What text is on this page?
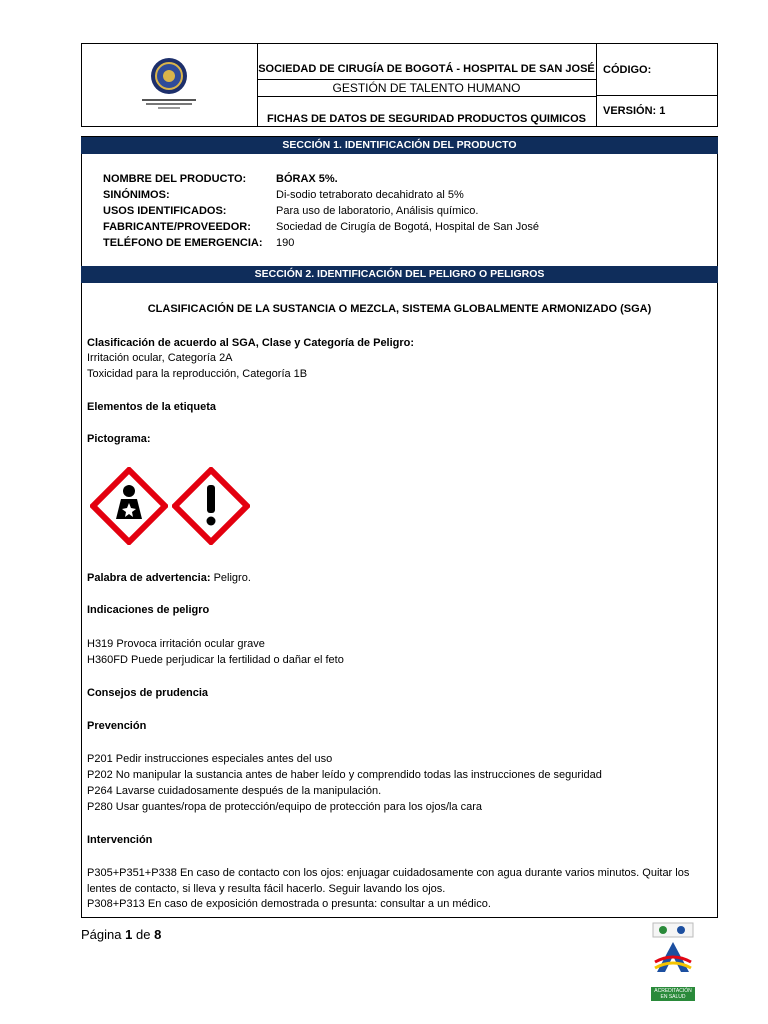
SOCIEDAD DE CIRUGÍA DE BOGOTÁ - HOSPITAL DE SAN JOSÉ
GESTIÓN DE TALENTO HUMANO
FICHAS DE DATOS DE SEGURIDAD PRODUCTOS QUIMICOS
CÓDIGO:
VERSIÓN: 1
SECCIÓN 1. IDENTIFICACIÓN DEL PRODUCTO
NOMBRE DEL PRODUCTO:	BÓRAX 5%.
SINÓNIMOS:	Di-sodio tetraborato decahidrato al 5%
USOS IDENTIFICADOS:	Para uso de laboratorio, Análisis químico.
FABRICANTE/PROVEEDOR: Sociedad de Cirugía de Bogotá, Hospital de San José
TELÉFONO DE EMERGENCIA: 190
SECCIÓN 2. IDENTIFICACIÓN DEL PELIGRO O PELIGROS
CLASIFICACIÓN DE LA SUSTANCIA O MEZCLA, SISTEMA GLOBALMENTE ARMONIZADO (SGA)
Clasificación de acuerdo al SGA, Clase y Categoría de Peligro:
Irritación ocular, Categoría 2A
Toxicidad para la reproducción, Categoría 1B
Elementos de la etiqueta
Pictograma:
Palabra de advertencia: Peligro.
Indicaciones de peligro
H319 Provoca irritación ocular grave
H360FD Puede perjudicar la fertilidad o dañar el feto
Consejos de prudencia
Prevención
P201 Pedir instrucciones especiales antes del uso
P202 No manipular la sustancia antes de haber leído y comprendido todas las instrucciones de seguridad
P264 Lavarse cuidadosamente después de la manipulación.
P280 Usar guantes/ropa de protección/equipo de protección para los ojos/la cara
Intervención
P305+P351+P338 En caso de contacto con los ojos: enjuagar cuidadosamente con agua durante varios minutos. Quitar los
lentes de contacto, si lleva y resulta fácil hacerlo. Seguir lavando los ojos.
P308+P313 En caso de exposición demostrada o presunta: consultar a un médico.
Página 1 de 8
ACREDITACIÓN EN SALUD
